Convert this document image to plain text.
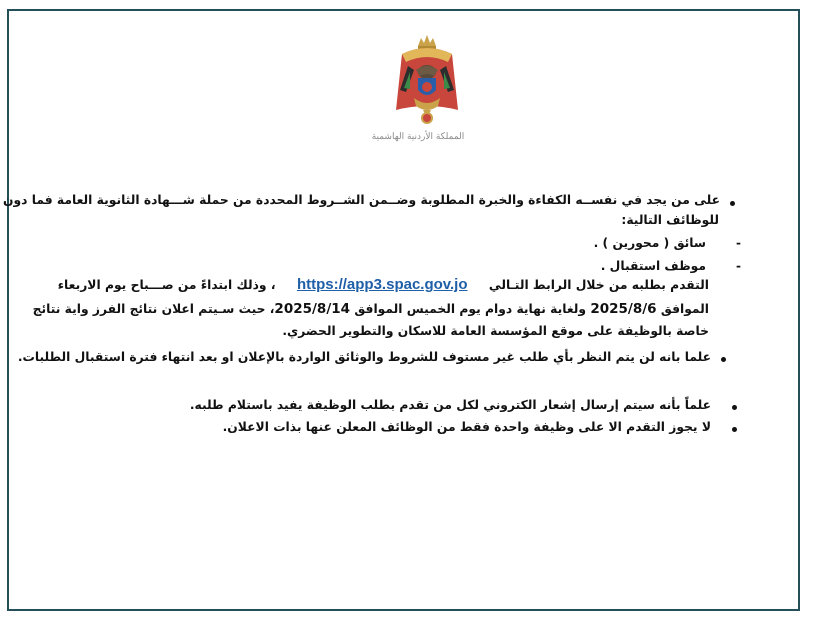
المملكة الأردنية الهاشمية
على من يجد في نفســه الكفاءة والخبرة المطلوبة وضــمن الشــروط المحددة من حملة شـــهادة الثانوية العامة فما دون
للوظائف التالية:
-
سائق ( محورين ) .
-
موظف استقبال .
التقدم بطلبه من خلال الرابط التـالي     https://app3.spac.gov.jo     ، وذلك ابتداءً من صـــباح يوم الاربعاء
الموافق 2025/8/6 ولغاية نهاية دوام يوم الخميس الموافق 2025/8/14، حيث سـيتم اعلان نتائج الفرز واية نتائج
خاصة بالوظيفة على موقع المؤسسة العامة للاسكان والتطوير الحضري.
علما بانه لن يتم النظر بأي طلب غير مستوف للشروط والوثائق الواردة بالإعلان او بعد انتهاء فترة استقبال الطلبات.
علماً بأنه سيتم إرسال إشعار الكتروني لكل من تقدم بطلب الوظيفة يفيد باستلام طلبه.
لا يجوز التقدم الا على وظيفة واحدة فقط من الوظائف المعلن عنها بذات الاعلان.
